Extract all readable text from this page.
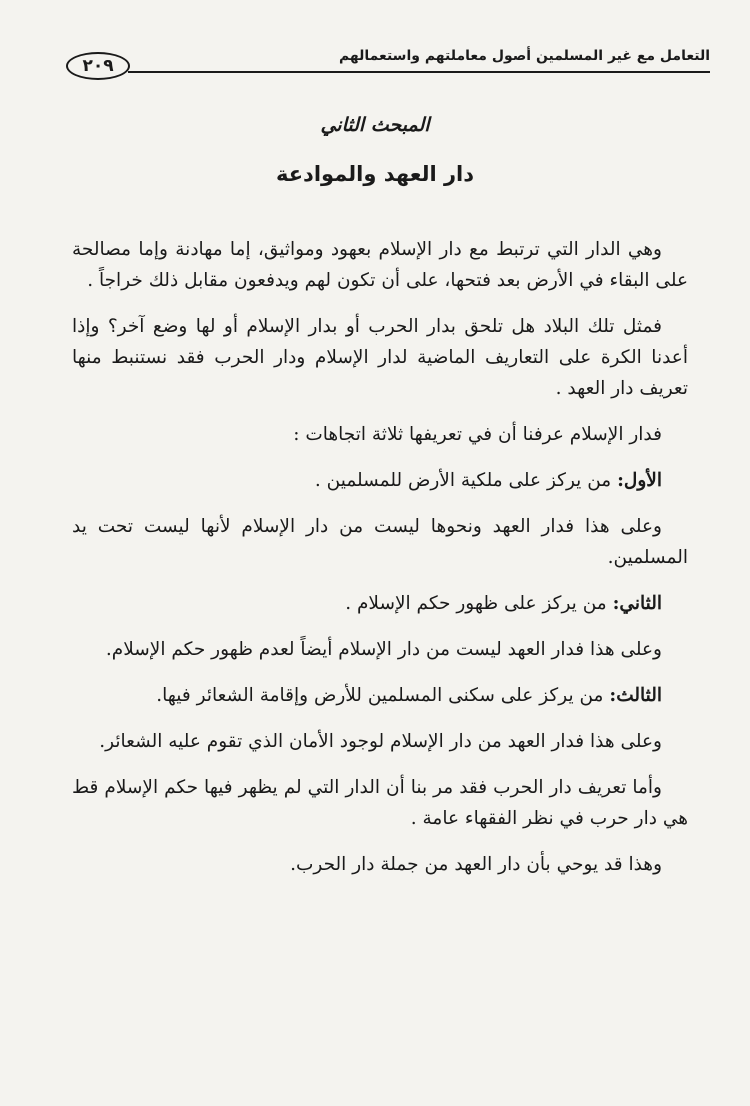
التعامل مع غير المسلمين أصول معاملتهم واستعمالهم
٢٠٩
المبحث الثاني
دار العهد والموادعة

وهي الدار التي ترتبط مع دار الإسلام بعهود ومواثيق، إما مهادنة وإما مصالحة على البقاء في الأرض بعد فتحها، على أن تكون لهم ويدفعون مقابل ذلك خراجاً .

فمثل تلك البلاد هل تلحق بدار الحرب أو بدار الإسلام أو لها وضع آخر؟ وإذا أعدنا الكرة على التعاريف الماضية لدار الإسلام ودار الحرب فقد نستنبط منها تعريف دار العهد .

فدار الإسلام عرفنا أن في تعريفها ثلاثة اتجاهات :

الأول: من يركز على ملكية الأرض للمسلمين .

وعلى هذا فدار العهد ونحوها ليست من دار الإسلام لأنها ليست تحت يد المسلمين.

الثاني: من يركز على ظهور حكم الإسلام .

وعلى هذا فدار العهد ليست من دار الإسلام أيضاً لعدم ظهور حكم الإسلام.

الثالث: من يركز على سكنى المسلمين للأرض وإقامة الشعائر فيها.

وعلى هذا فدار العهد من دار الإسلام لوجود الأمان الذي تقوم عليه الشعائر.

وأما تعريف دار الحرب فقد مر بنا أن الدار التي لم يظهر فيها حكم الإسلام قط هي دار حرب في نظر الفقهاء عامة .

وهذا قد يوحي بأن دار العهد من جملة دار الحرب.
